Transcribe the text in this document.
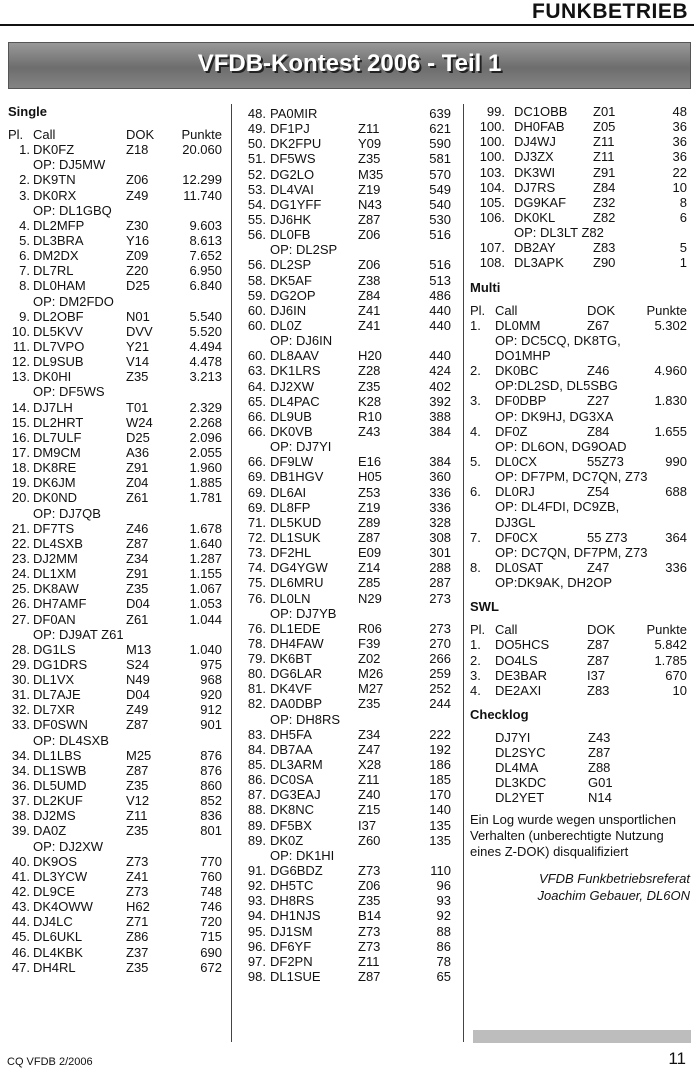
FUNKBETRIEB
VFDB-Kontest 2006 - Teil 1
Single
Pl. Call	DOK Punkte
1. DK0FZ	Z18	20.060
OP: DJ5MW
2. DK9TN	Z06	12.299
3. DK0RX	Z49	11.740
OP: DL1GBQ
4. DL2MFP	Z30	9.603
5. DL3BRA	Y16	8.613
6. DM2DX	Z09	7.652
7. DL7RL	Z20	6.950
8. DL0HAM	D25	6.840
OP: DM2FDO
9. DL2OBF	N01	5.540
10. DL5KVV	DVV	5.520
11. DL7VPO	Y21	4.494
12. DL9SUB	V14	4.478
13. DK0HI	Z35	3.213
OP: DF5WS
14. DJ7LH	T01	2.329
15. DL2HRT	W24	2.268
16. DL7ULF	D25	2.096
17. DM9CM	A36	2.055
18. DK8RE	Z91	1.960
19. DK6JM	Z04	1.885
20. DK0ND	Z61	1.781
OP: DJ7QB
21. DF7TS	Z46	1.678
22. DL4SXB	Z87	1.640
23. DJ2MM	Z34	1.287
24. DL1XM	Z91	1.155
25. DK8AW	Z35	1.067
26. DH7AMF	D04	1.053
27. DF0AN	Z61	1.044
OP: DJ9AT Z61
28. DG1LS	M13	1.040
29. DG1DRS	S24	975
30. DL1VX	N49	968
31. DL7AJE	D04	920
32. DL7XR	Z49	912
33. DF0SWN	Z87	901
OP: DL4SXB
34. DL1LBS	M25	876
34. DL1SWB	Z87	876
36. DL5UMD	Z35	860
37. DL2KUF	V12	852
38. DJ2MS	Z11	836
39. DA0Z	Z35	801
OP: DJ2XW
40. DK9OS	Z73	770
41. DL3YCW	Z41	760
42. DL9CE	Z73	748
43. DK4OWW	H62	746
44. DJ4LC	Z71	720
45. DL6UKL	Z86	715
46. DL4KBK	Z37	690
47. DH4RL	Z35	672
48. PA0MIR	639
49. DF1PJ	Z11	621
50. DK2FPU	Y09	590
51. DF5WS	Z35	581
52. DG2LO	M35	570
53. DL4VAI	Z19	549
54. DG1YFF	N43	540
55. DJ6HK	Z87	530
56. DL0FB	Z06	516
OP: DL2SP
56. DL2SP	Z06	516
58. DK5AF	Z38	513
59. DG2OP	Z84	486
60. DJ6IN	Z41	440
60. DL0Z	Z41	440
OP: DJ6IN
60. DL8AAV	H20	440
63. DK1LRS	Z28	424
64. DJ2XW	Z35	402
65. DL4PAC	K28	392
66. DL9UB	R10	388
66. DK0VB	Z43	384
OP: DJ7YI
66. DF9LW	E16	384
69. DB1HGV	H05	360
69. DL6AI	Z53	336
69. DL8FP	Z19	336
71. DL5KUD	Z89	328
72. DL1SUK	Z87	308
73. DF2HL	E09	301
74. DG4YGW Z14	288
75. DL6MRU	Z85	287
76. DL0LN	N29	273
OP: DJ7YB
76. DL1EDE	R06	273
78. DH4FAW	F39	270
79. DK6BT	Z02	266
80. DG6LAR	M26	259
81. DK4VF	M27	252
82. DA0DBP	Z35	244
OP: DH8RS
83. DH5FA	Z34	222
84. DB7AA	Z47	192
85. DL3ARM	X28	186
86. DC0SA	Z11	185
87. DG3EAJ	Z40	170
88. DK8NC	Z15	140
89. DF5BX	I37	135
89. DK0Z	Z60	135
OP: DK1HI
91. DG6BDZ	Z73	110
92. DH5TC	Z06	96
93. DH8RS	Z35	93
94. DH1NJS	B14	92
95. DJ1SM	Z73	88
96. DF6YF	Z73	86
97. DF2PN	Z11	78
98. DL1SUE	Z87	65
99. DC1OBB Z01	48
100. DH0FAB Z05	36
100. DJ4WJ	Z11	36
100. DJ3ZX	Z11	36
103. DK3WI	Z91	22
104. DJ7RS	Z84	10
105. DG9KAF Z32	8
106. DK0KL	Z82	6
OP: DL3LT Z82
107. DB2AY	Z83	5
108. DL3APK Z90	1
Multi
Pl. Call	DOK Punkte
1. DL0MM	Z67	5.302
OP: DC5CQ, DK8TG,
DO1MHP
2. DK0BC	Z46	4.960
OP:DL2SD, DL5SBG
3. DF0DBP	Z27	1.830
OP: DK9HJ, DG3XA
4. DF0Z	Z84	1.655
OP: DL6ON, DG9OAD
5. DL0CX	55Z73	990
OP: DF7PM, DC7QN, Z73
6. DL0RJ	Z54	688
OP: DL4FDI, DC9ZB,
DJ3GL
7. DF0CX	55 Z73	364
OP: DC7QN, DF7PM, Z73
8. DL0SAT	Z47	336
OP:DK9AK, DH2OP
SWL
Pl. Call	DOK Punkte
1. DO5HCS	Z87	5.842
2. DO4LS	Z87	1.785
3. DE3BAR	I37	670
4. DE2AXI	Z83	10
Checklog
DJ7YI	Z43
DL2SYC	Z87
DL4MA	Z88
DL3KDC	G01
DL2YET	N14
Ein Log wurde wegen unsportlichen Verhalten (unberechtigte Nutzung eines Z-DOK) disqualifiziert
VFDB Funkbetriebsreferat
Joachim Gebauer, DL6ON
CQ VFDB 2/2006	11
